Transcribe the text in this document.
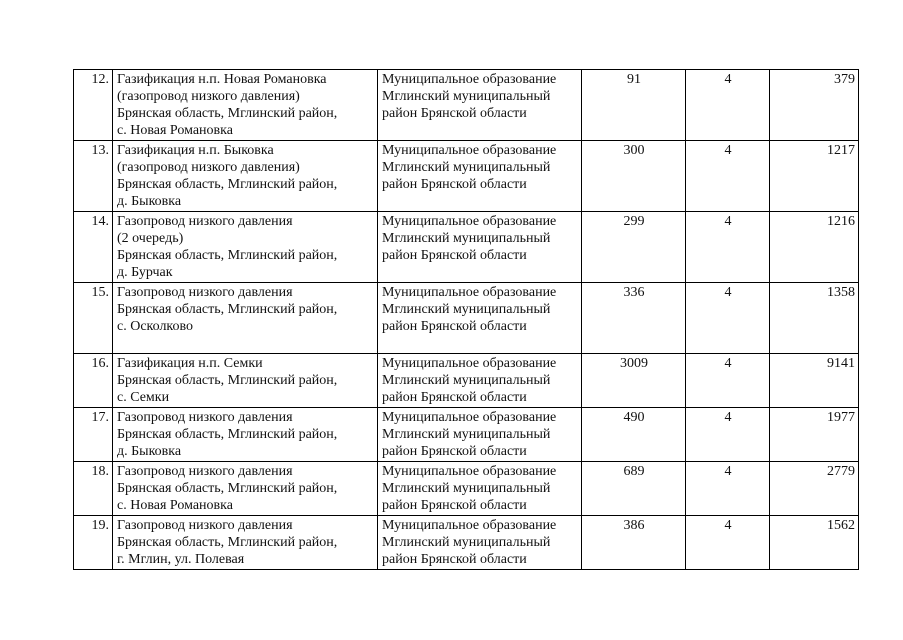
12.	Газификация н.п. Новая Романовка
(газопровод низкого давления)
Брянская область, Мглинский район,
с. Новая Романовка	Муниципальное образование
Мглинский муниципальный
район Брянской области	91	4	379
13.	Газификация н.п. Быковка
(газопровод низкого давления)
Брянская область, Мглинский район,
д. Быковка	Муниципальное образование
Мглинский муниципальный
район Брянской области	300	4	1217
14.	Газопровод низкого давления
(2 очередь)
Брянская область, Мглинский район,
д. Бурчак	Муниципальное образование
Мглинский муниципальный
район Брянской области	299	4	1216
15.	Газопровод низкого давления
Брянская область, Мглинский район,
с. Осколково	Муниципальное образование
Мглинский муниципальный
район Брянской области	336	4	1358
16.	Газификация н.п. Семки
Брянская область, Мглинский район,
с. Семки	Муниципальное образование
Мглинский муниципальный
район Брянской области	3009	4	9141
17.	Газопровод низкого давления
Брянская область, Мглинский район,
д. Быковка	Муниципальное образование
Мглинский муниципальный
район Брянской области	490	4	1977
18.	Газопровод низкого давления
Брянская область, Мглинский район,
с. Новая Романовка	Муниципальное образование
Мглинский муниципальный
район Брянской области	689	4	2779
19.	Газопровод низкого давления
Брянская область, Мглинский район,
г. Мглин, ул. Полевая	Муниципальное образование
Мглинский муниципальный
район Брянской области	386	4	1562
